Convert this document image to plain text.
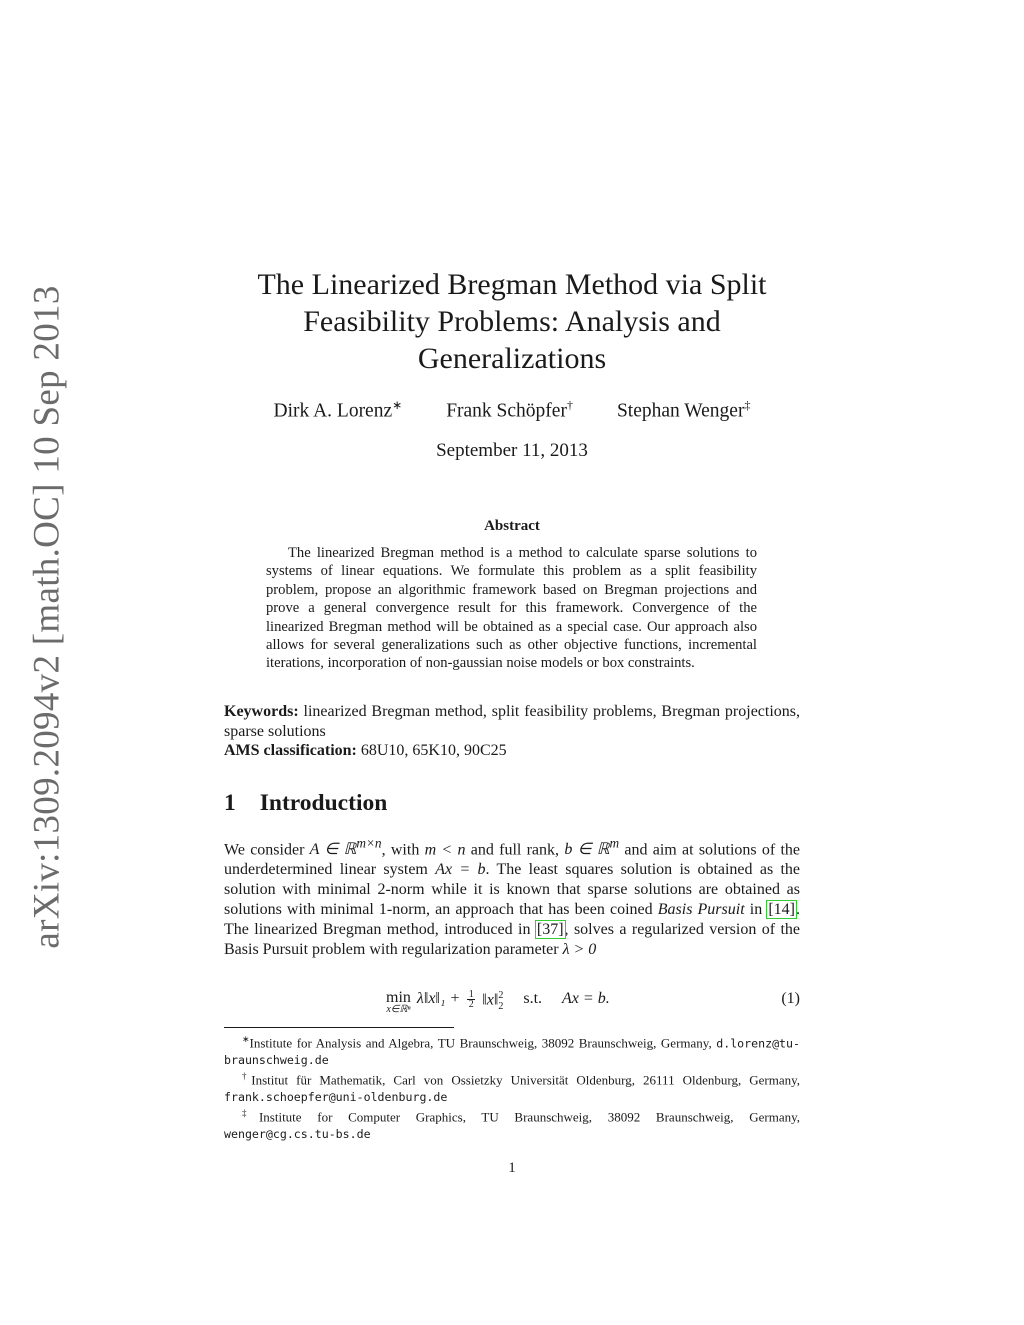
arXiv:1309.2094v2 [math.OC] 10 Sep 2013
The Linearized Bregman Method via Split
Feasibility Problems: Analysis and
Generalizations
Dirk A. Lorenz∗ Frank Schöpfer† Stephan Wenger‡
September 11, 2013
Abstract
The linearized Bregman method is a method to calculate sparse solutions to systems of linear equations. We formulate this problem as a split feasibility problem, propose an algorithmic framework based on Bregman projections and prove a general convergence result for this framework. Convergence of the linearized Bregman method will be obtained as a special case. Our approach also allows for several generalizations such as other objective functions, incremental iterations, incorporation of non-gaussian noise models or box constraints.
Keywords: linearized Bregman method, split feasibility problems, Bregman projections, sparse solutions
AMS classification: 68U10, 65K10, 90C25
1 Introduction
We consider A ∈ ℝ$^{m\times n}$, with m < n and full rank, b ∈ ℝ$^m$ and aim at solutions of the underdetermined linear system Ax = b. The least squares solution is obtained as the solution with minimal 2-norm while it is known that sparse solutions are obtained as solutions with minimal 1-norm, an approach that has been coined Basis Pursuit in [14]. The linearized Bregman method, introduced in [37], solves a regularized version of the Basis Pursuit problem with regularization parameter λ > 0
min
x∈ℝⁿ
λ‖x‖₁ + $\frac{1}{2}$ ‖x‖$^2_2$ s.t. Ax = b.	(1)
∗Institute for Analysis and Algebra, TU Braunschweig, 38092 Braunschweig, Germany, d.lorenz@tu-braunschweig.de
†Institut für Mathematik, Carl von Ossietzky Universität Oldenburg, 26111 Oldenburg, Germany, frank.schoepfer@uni-oldenburg.de
‡Institute for Computer Graphics, TU Braunschweig, 38092 Braunschweig, Germany, wenger@cg.cs.tu-bs.de
1
